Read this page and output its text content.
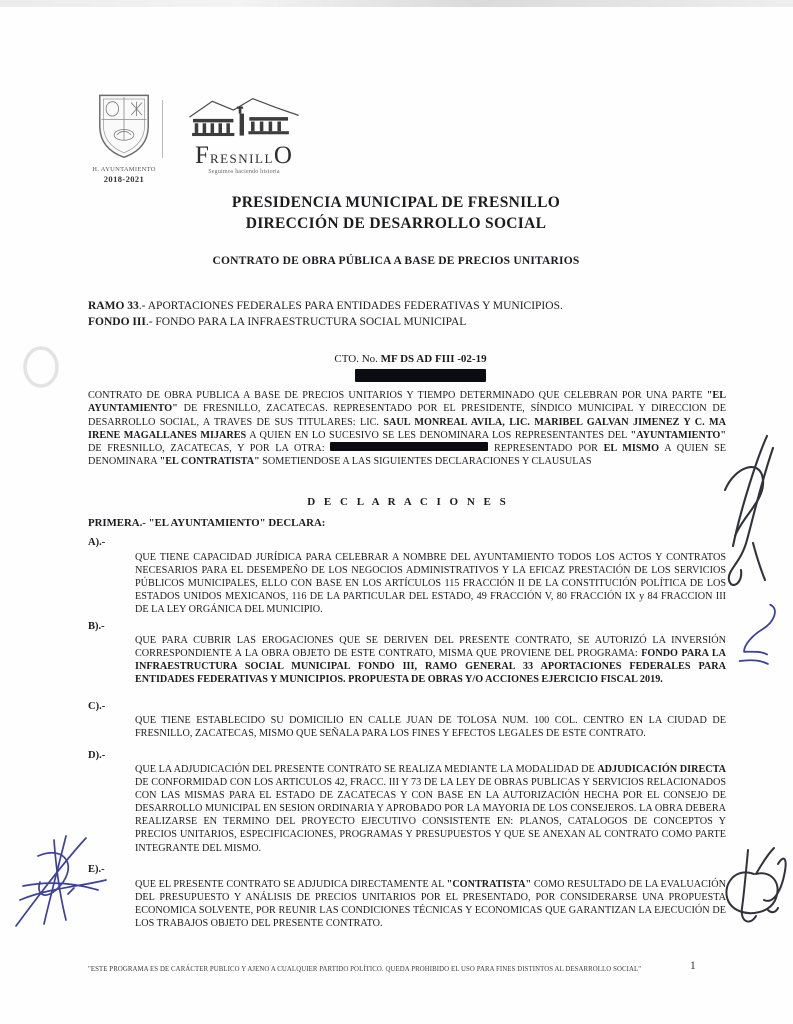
H. AYUNTAMIENTO
2018-2021
FresnillO
Seguimos haciendo historia
PRESIDENCIA MUNICIPAL DE FRESNILLO
DIRECCIÓN DE DESARROLLO SOCIAL
CONTRATO DE OBRA PÚBLICA A BASE DE PRECIOS UNITARIOS
RAMO 33.- APORTACIONES FEDERALES PARA ENTIDADES FEDERATIVAS Y MUNICIPIOS.
FONDO III.- FONDO PARA LA INFRAESTRUCTURA SOCIAL MUNICIPAL
CTO. No. MF DS AD FIII -02-19
CONTRATO DE OBRA PUBLICA A BASE DE PRECIOS UNITARIOS Y TIEMPO DETERMINADO QUE CELEBRAN POR UNA PARTE "EL AYUNTAMIENTO" DE FRESNILLO, ZACATECAS. REPRESENTADO POR EL PRESIDENTE, SÍNDICO MUNICIPAL Y DIRECCION DE DESARROLLO SOCIAL, A TRAVES DE SUS TITULARES: LIC. SAUL MONREAL AVILA, LIC. MARIBEL GALVAN JIMENEZ Y C. MA IRENE MAGALLANES MIJARES A QUIEN EN LO SUCESIVO SE LES DENOMINARA LOS REPRESENTANTES DEL "AYUNTAMIENTO" DE FRESNILLO, ZACATECAS, Y POR LA OTRA:	REPRESENTADO POR EL MISMO A QUIEN SE DENOMINARA "EL CONTRATISTA" SOMETIENDOSE A LAS SIGUIENTES DECLARACIONES Y CLAUSULAS
D E C L A R A C I O N E S
PRIMERA.- "EL AYUNTAMIENTO" DECLARA:
A).-
QUE TIENE CAPACIDAD JURÍDICA PARA CELEBRAR A NOMBRE DEL AYUNTAMIENTO TODOS LOS ACTOS Y CONTRATOS NECESARIOS PARA EL DESEMPEÑO DE LOS NEGOCIOS ADMINISTRATIVOS Y LA EFICAZ PRESTACIÓN DE LOS SERVICIOS PÚBLICOS MUNICIPALES, ELLO CON BASE EN LOS ARTÍCULOS 115 FRACCIÓN II DE LA CONSTITUCIÓN POLÍTICA DE LOS ESTADOS UNIDOS MEXICANOS, 116 DE LA PARTICULAR DEL ESTADO, 49 FRACCIÓN V, 80 FRACCIÓN IX y 84 FRACCION III DE LA LEY ORGÁNICA DEL MUNICIPIO.
B).-
QUE PARA CUBRIR LAS EROGACIONES QUE SE DERIVEN DEL PRESENTE CONTRATO, SE AUTORIZÓ LA INVERSIÓN CORRESPONDIENTE A LA OBRA OBJETO DE ESTE CONTRATO, MISMA QUE PROVIENE DEL PROGRAMA: FONDO PARA LA INFRAESTRUCTURA SOCIAL MUNICIPAL FONDO III, RAMO GENERAL 33 APORTACIONES FEDERALES PARA ENTIDADES FEDERATIVAS Y MUNICIPIOS. PROPUESTA DE OBRAS Y/O ACCIONES EJERCICIO FISCAL 2019.
C).-
QUE TIENE ESTABLECIDO SU DOMICILIO EN CALLE JUAN DE TOLOSA NUM. 100 COL. CENTRO EN LA CIUDAD DE FRESNILLO, ZACATECAS, MISMO QUE SEÑALA PARA LOS FINES Y EFECTOS LEGALES DE ESTE CONTRATO.
D).-
QUE LA ADJUDICACIÓN DEL PRESENTE CONTRATO SE REALIZA MEDIANTE LA MODALIDAD DE ADJUDICACIÓN DIRECTA DE CONFORMIDAD CON LOS ARTICULOS 42, FRACC. III Y 73 DE LA LEY DE OBRAS PUBLICAS Y SERVICIOS RELACIONADOS CON LAS MISMAS PARA EL ESTADO DE ZACATECAS Y CON BASE EN LA AUTORIZACIÓN HECHA POR EL CONSEJO DE DESARROLLO MUNICIPAL EN SESION ORDINARIA Y APROBADO POR LA MAYORIA DE LOS CONSEJEROS. LA OBRA DEBERA REALIZARSE EN TERMINO DEL PROYECTO EJECUTIVO CONSISTENTE EN: PLANOS, CATALOGOS DE CONCEPTOS Y PRECIOS UNITARIOS, ESPECIFICACIONES, PROGRAMAS Y PRESUPUESTOS Y QUE SE ANEXAN AL CONTRATO COMO PARTE INTEGRANTE DEL MISMO.
E).-
QUE EL PRESENTE CONTRATO SE ADJUDICA DIRECTAMENTE AL "CONTRATISTA" COMO RESULTADO DE LA EVALUACIÓN DEL PRESUPUESTO Y ANÁLISIS DE PRECIOS UNITARIOS POR EL PRESENTADO, POR CONSIDERARSE UNA PROPUESTA ECONOMICA SOLVENTE, POR REUNIR LAS CONDICIONES TÉCNICAS Y ECONOMICAS QUE GARANTIZAN LA EJECUCIÓN DE LOS TRABAJOS OBJETO DEL PRESENTE CONTRATO.
"ESTE PROGRAMA ES DE CARÁCTER PUBLICO Y AJENO A CUALQUIER PARTIDO POLÍTICO. QUEDA PROHIBIDO EL USO PARA FINES DISTINTOS AL DESARROLLO SOCIAL"	1
